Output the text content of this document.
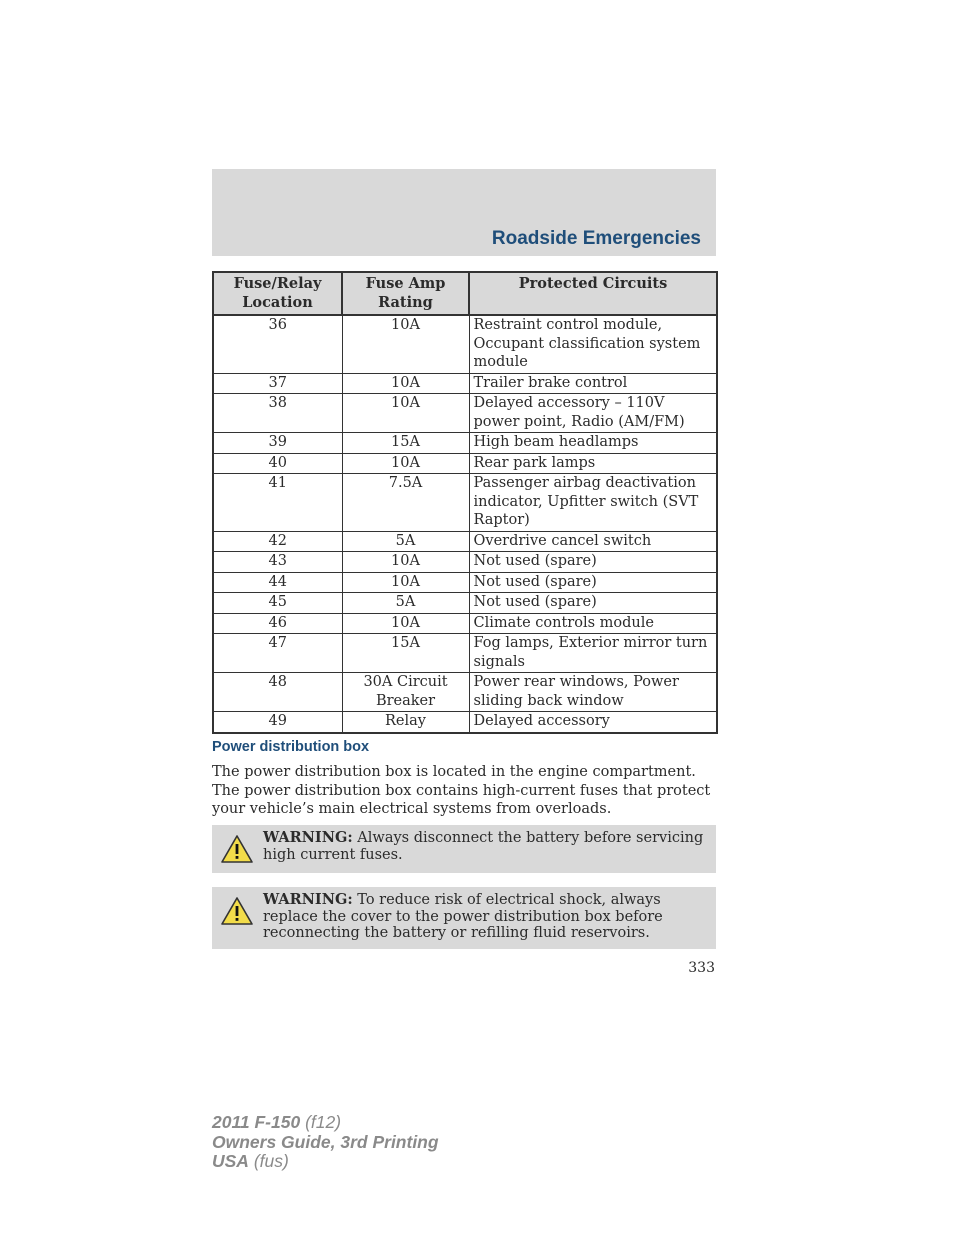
Roadside Emergencies
Fuse/Relay Location	Fuse Amp Rating	Protected Circuits
36	10A	Restraint control module, Occupant classification system module
37	10A	Trailer brake control
38	10A	Delayed accessory – 110V power point, Radio (AM/FM)
39	15A	High beam headlamps
40	10A	Rear park lamps
41	7.5A	Passenger airbag deactivation indicator, Upfitter switch (SVT Raptor)
42	5A	Overdrive cancel switch
43	10A	Not used (spare)
44	10A	Not used (spare)
45	5A	Not used (spare)
46	10A	Climate controls module
47	15A	Fog lamps, Exterior mirror turn signals
48	30A Circuit Breaker	Power rear windows, Power sliding back window
49	Relay	Delayed accessory
Power distribution box

The power distribution box is located in the engine compartment. The power distribution box contains high-current fuses that protect your vehicle’s main electrical systems from overloads.

WARNING: Always disconnect the battery before servicing high current fuses.
WARNING: To reduce risk of electrical shock, always replace the cover to the power distribution box before reconnecting the battery or refilling fluid reservoirs.
333
2011 F-150 (f12)
Owners Guide, 3rd Printing
USA (fus)
